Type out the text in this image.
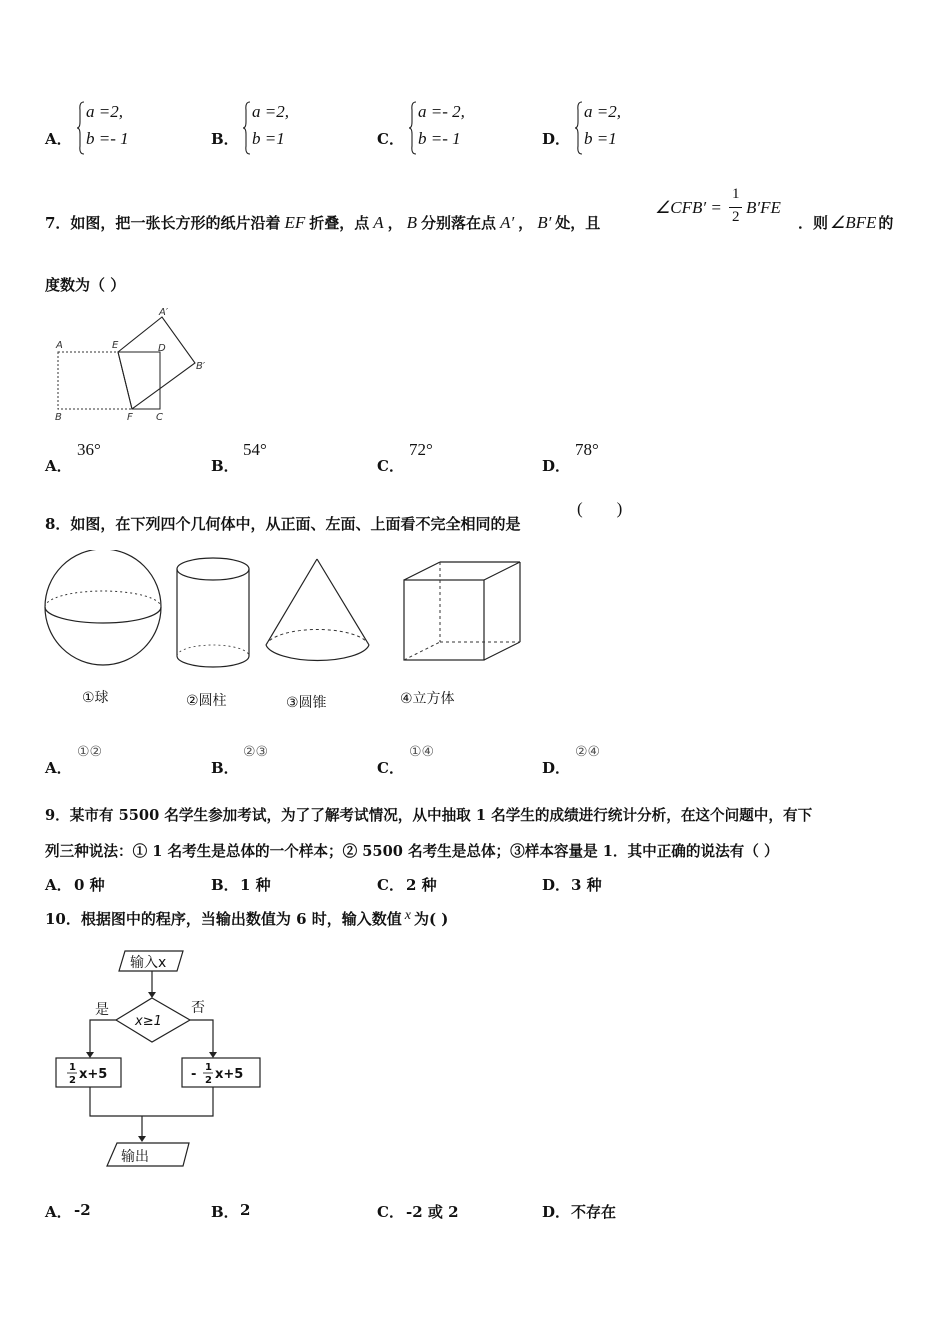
A．
a =2,
b =- 1	B．
a =2,
b =1	C．
a =- 2,
b =- 1	D．
a =2,
b =1
7．如图，把一张长方形的纸片沿着 EF 折叠，点 A ， B 分别落在点 A′ ， B′ 处，且
∠CFB′ =
1
2 B′FE
．则 ∠BFE 的
度数为（ ）
A	E	D
A′
B′
B	F C
A．
36°
B．
54°
C．
72°
D．
78°
8．如图，在下列四个几何体中，从正面、左面、上面看不完全相同的是
(        )
①球	②圆柱	③圆锥	④立方体
A．
①②
B．
②③
C．
①④
D．
②④
9．某市有 5500 名学生参加考试，为了了解考试情况，从中抽取 1 名学生的成绩进行统计分析，在这个问题中，有下
列三种说法：① 1 名考生是总体的一个样本；② 5500 名考生是总体；③样本容量是 1．其中正确的说法有（ ）
A． 0 种	B． 1 种	C． 2 种	D． 3 种
10．根据图中的程序，当输出数值为 6 时，输入数值 x 为( )
输入x
x≥1
是	否
1
2 x+5	- 1
2 x+5
输出
A． -2	B． 2	C． -2 或 2	D． 不存在
